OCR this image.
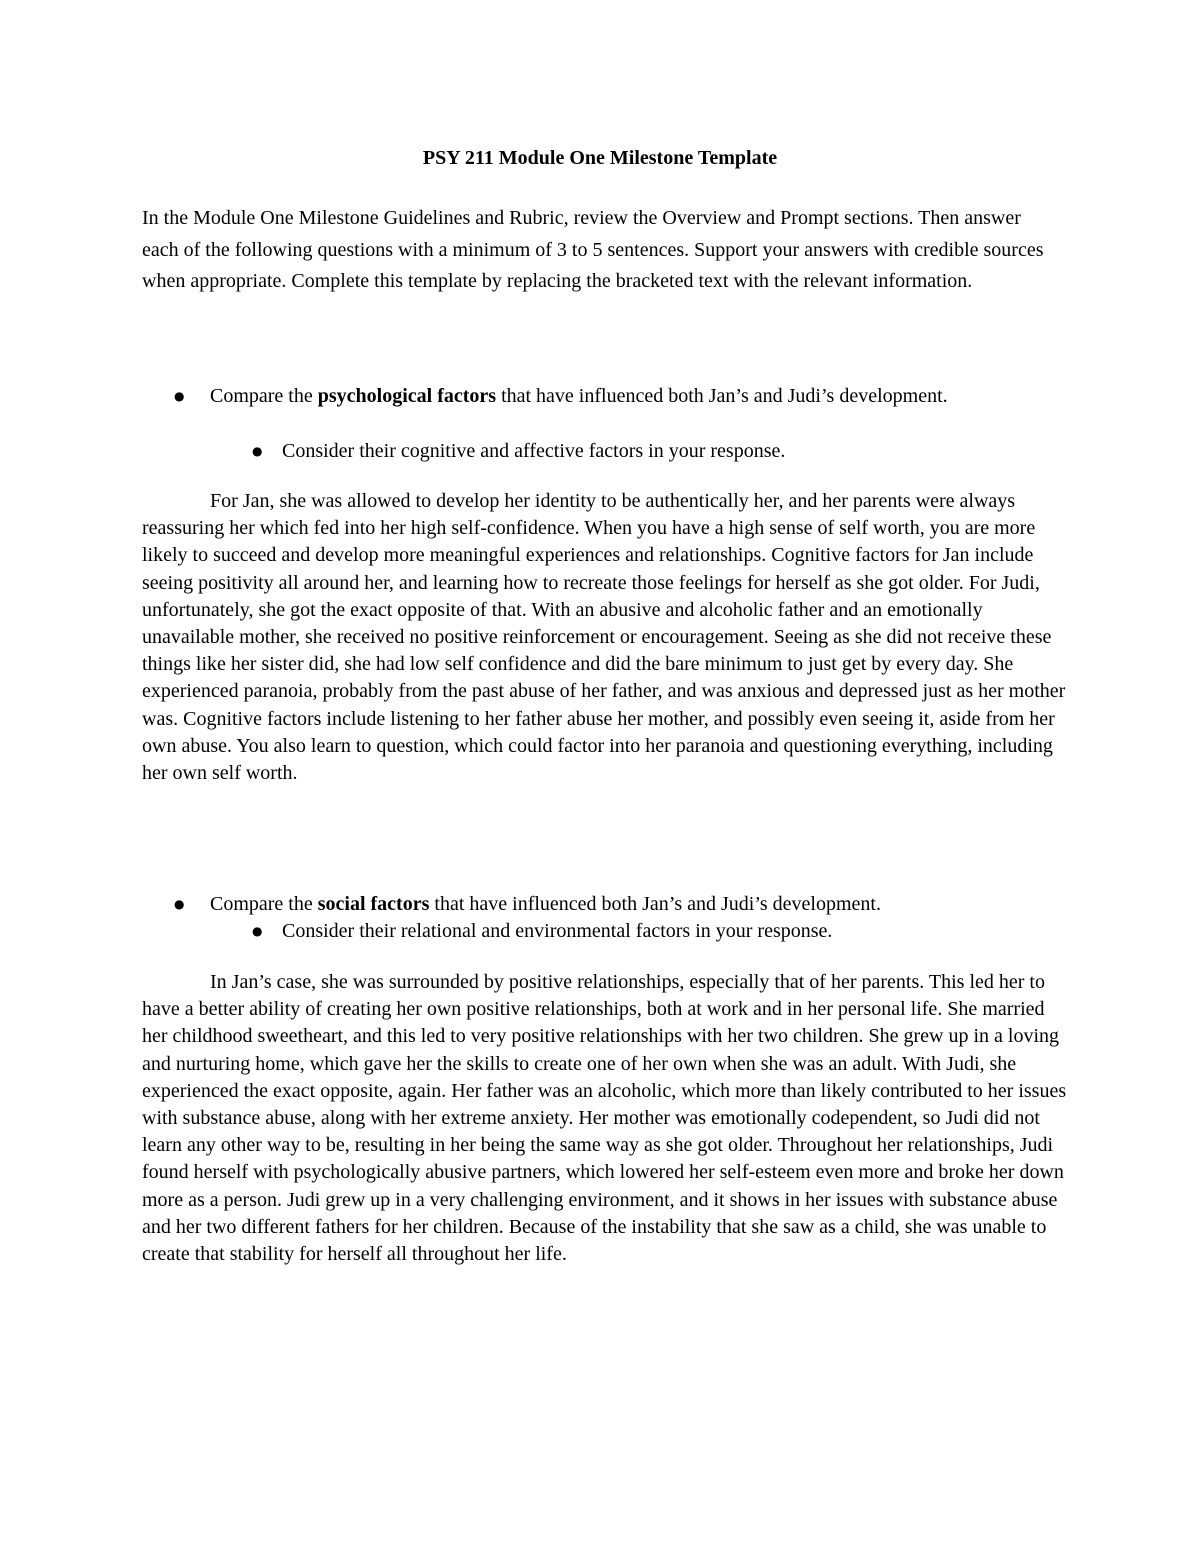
PSY 211 Module One Milestone Template

In the Module One Milestone Guidelines and Rubric, review the Overview and Prompt sections. Then answer each of the following questions with a minimum of 3 to 5 sentences. Support your answers with credible sources when appropriate. Complete this template by replacing the bracketed text with the relevant information.

● Compare the psychological factors that have influenced both Jan’s and Judi’s development.

● Consider their cognitive and affective factors in your response.

For Jan, she was allowed to develop her identity to be authentically her, and her parents were always reassuring her which fed into her high self-confidence. When you have a high sense of self worth, you are more likely to succeed and develop more meaningful experiences and relationships. Cognitive factors for Jan include seeing positivity all around her, and learning how to recreate those feelings for herself as she got older. For Judi, unfortunately, she got the exact opposite of that. With an abusive and alcoholic father and an emotionally unavailable mother, she received no positive reinforcement or encouragement. Seeing as she did not receive these things like her sister did, she had low self confidence and did the bare minimum to just get by every day. She experienced paranoia, probably from the past abuse of her father, and was anxious and depressed just as her mother was. Cognitive factors include listening to her father abuse her mother, and possibly even seeing it, aside from her own abuse. You also learn to question, which could factor into her paranoia and questioning everything, including her own self worth.

● Compare the social factors that have influenced both Jan’s and Judi’s development.

● Consider their relational and environmental factors in your response.

In Jan’s case, she was surrounded by positive relationships, especially that of her parents. This led her to have a better ability of creating her own positive relationships, both at work and in her personal life. She married her childhood sweetheart, and this led to very positive relationships with her two children. She grew up in a loving and nurturing home, which gave her the skills to create one of her own when she was an adult. With Judi, she experienced the exact opposite, again. Her father was an alcoholic, which more than likely contributed to her issues with substance abuse, along with her extreme anxiety. Her mother was emotionally codependent, so Judi did not learn any other way to be, resulting in her being the same way as she got older. Throughout her relationships, Judi found herself with psychologically abusive partners, which lowered her self-esteem even more and broke her down more as a person. Judi grew up in a very challenging environment, and it shows in her issues with substance abuse and her two different fathers for her children. Because of the instability that she saw as a child, she was unable to create that stability for herself all throughout her life.
